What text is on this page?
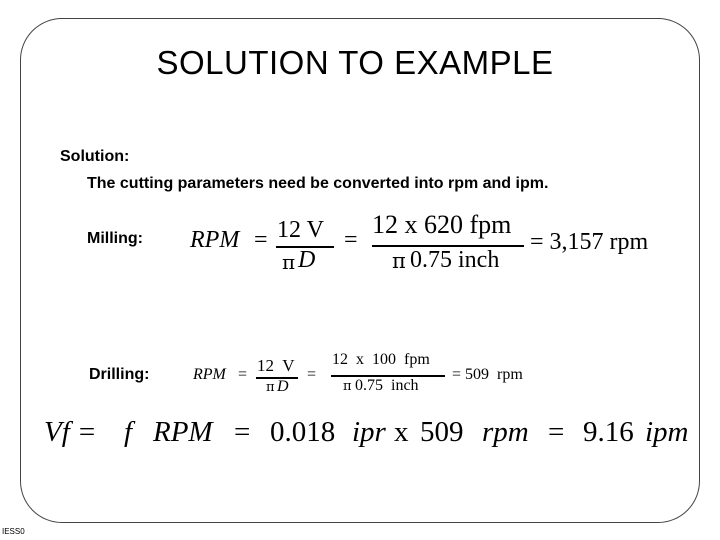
SOLUTION TO EXAMPLE
Solution:
The cutting parameters need be converted into rpm and ipm.
Milling: RPM = 12 V
π D
=
12 x 620 fpm
π 0.75 inch
= 3,157 rpm
Drilling:	RPM = 12  V
π D
=
12  x  100  fpm
π 0.75  inch
= 509  rpm
Vf = f RPM = 0.018 ipr x 509 rpm = 9.16 ipm
IESS0
